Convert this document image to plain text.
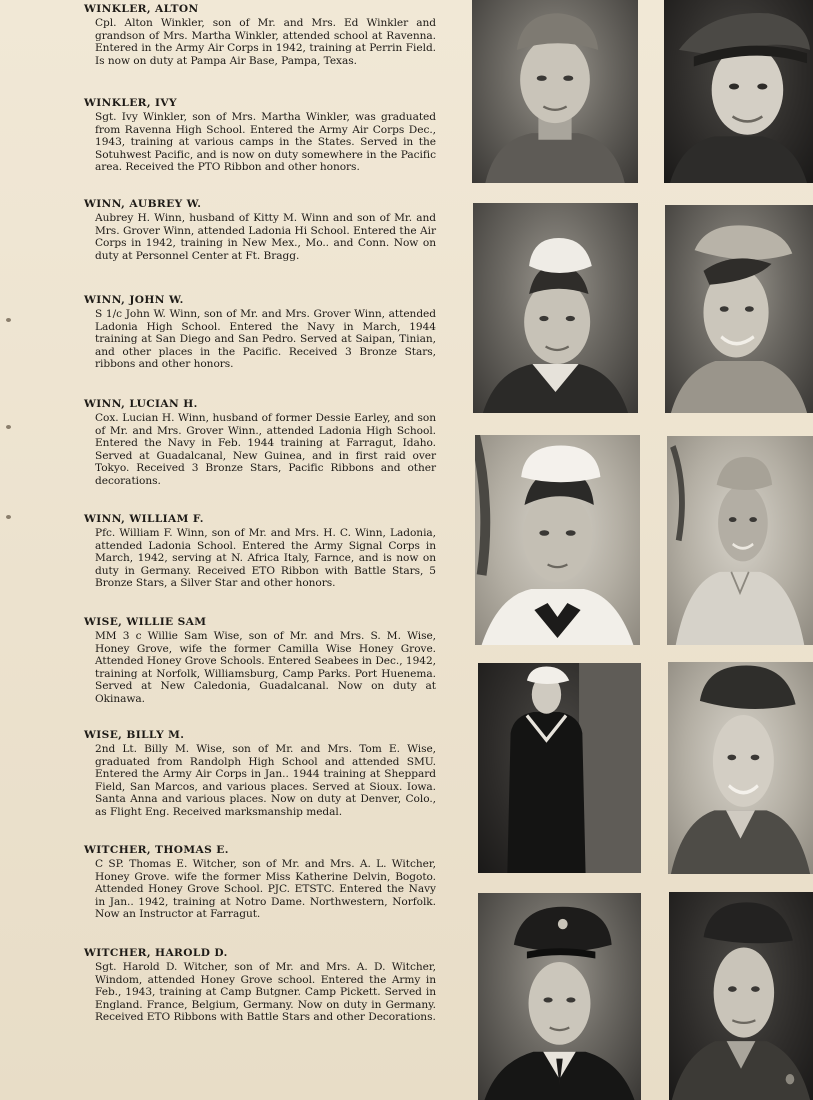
WINKLER, ALTON

Cpl. Alton Winkler, son of Mr. and Mrs. Ed Winkler and grandson of Mrs. Martha Winkler, attended school at Ravenna. Entered in the Army Air Corps in 1942, training at Perrin Field. Is now on duty at Pampa Air Base, Pampa, Texas.

WINKLER, IVY

Sgt. Ivy Winkler, son of Mrs. Martha Winkler, was graduated from Ravenna High School. Entered the Army Air Corps Dec., 1943, training at various camps in the States. Served in the Sotuhwest Pacific, and is now on duty somewhere in the Pacific area. Received the PTO Ribbon and other honors.

WINN, AUBREY W.

Aubrey H. Winn, husband of Kitty M. Winn and son of Mr. and Mrs. Grover Winn, attended Ladonia Hi School. Entered the Air Corps in 1942, training in New Mex., Mo.. and Conn. Now on duty at Personnel Center at Ft. Bragg.

WINN, JOHN W.

S 1/c John W. Winn, son of Mr. and Mrs. Grover Winn, attended Ladonia High School. Entered the Navy in March, 1944 training at San Diego and San Pedro. Served at Saipan, Tinian, and other places in the Pacific. Received 3 Bronze Stars, ribbons and other honors.

WINN, LUCIAN H.

Cox. Lucian H. Winn, husband of former Dessie Earley, and son of Mr. and Mrs. Grover Winn., attended Ladonia High School. Entered the Navy in Feb. 1944 training at Farragut, Idaho. Served at Guadalcanal, New Guinea, and in first raid over Tokyo. Received 3 Bronze Stars, Pacific Ribbons and other decorations.

WINN, WILLIAM F.

Pfc. William F. Winn, son of Mr. and Mrs. H. C. Winn, Ladonia, attended Ladonia School. Entered the Army Signal Corps in March, 1942, serving at N. Africa Italy, Farnce, and is now on duty in Germany. Received ETO Ribbon with Battle Stars, 5 Bronze Stars, a Silver Star and other honors.

WISE, WILLIE SAM

MM 3 c Willie Sam Wise, son of Mr. and Mrs. S. M. Wise, Honey Grove, wife the former Camilla Wise Honey Grove. Attended Honey Grove Schools. Entered Seabees in Dec., 1942, training at Norfolk, Williamsburg, Camp Parks. Port Huenema. Served at New Caledonia, Guadalcanal. Now on duty at Okinawa.

WISE, BILLY M.

2nd Lt. Billy M. Wise, son of Mr. and Mrs. Tom E. Wise, graduated from Randolph High School and attended SMU. Entered the Army Air Corps in Jan.. 1944 training at Sheppard Field, San Marcos, and various places. Served at Sioux. Iowa. Santa Anna and various places. Now on duty at Denver, Colo., as Flight Eng. Received marksmanship medal.

WITCHER, THOMAS E.

C SP. Thomas E. Witcher, son of Mr. and Mrs. A. L. Witcher, Honey Grove. wife the former Miss Katherine Delvin, Bogoto. Attended Honey Grove School. PJC. ETSTC. Entered the Navy in Jan.. 1942, training at Notro Dame. Northwestern, Norfolk. Now an Instructor at Farragut.

WITCHER, HAROLD D.

Sgt. Harold D. Witcher, son of Mr. and Mrs. A. D. Witcher, Windom, attended Honey Grove school. Entered the Army in Feb., 1943, training at Camp Butgner. Camp Pickett. Served in England. France, Belgium, Germany. Now on duty in Germany. Received ETO Ribbons with Battle Stars and other Decorations.
